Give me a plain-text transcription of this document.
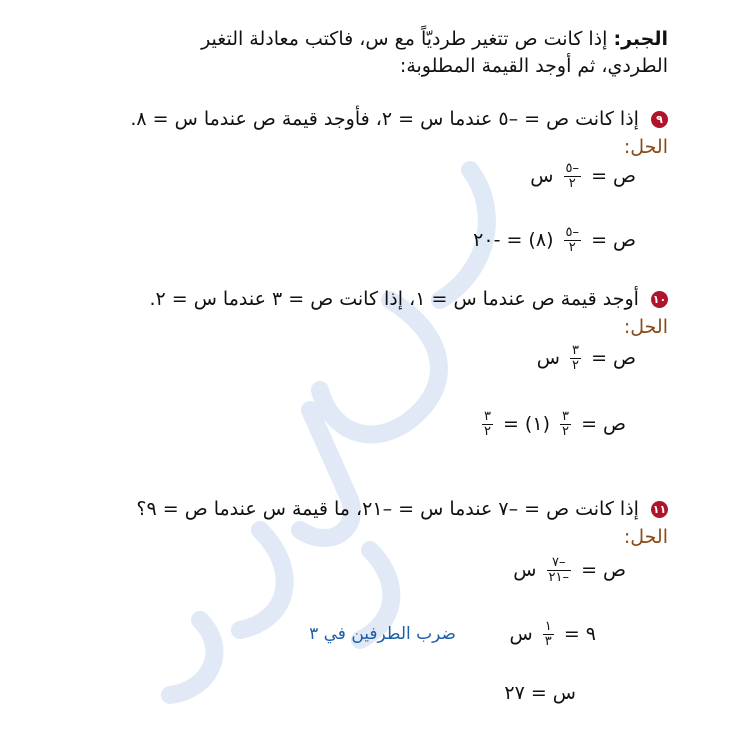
الجبر: إذا كانت ص تتغير طرديّاً مع س، فاكتب معادلة التغير
الطردي، ثم أوجد القيمة المطلوبة:
٩ إذا كانت ص = –٥ عندما س = ٢، فأوجد قيمة ص عندما س = ٨.
الحل:
ص =
$\frac{-٥}{٢}$
س
ص =
$\frac{-٥}{٢}$
(٨) = -٢٠
١٠ أوجد قيمة ص عندما س = ١، إذا كانت ص = ٣ عندما س = ٢.
الحل:
ص =
$\frac{٣}{٢}$
س
ص =
$\frac{٣}{٢}$
(١) =
$\frac{٣}{٢}$
١١ إذا كانت ص = –٧ عندما س = –٢١، ما قيمة س عندما ص = ٩؟
الحل:
ص =
$\frac{-٧}{-٢١}$
س
٩ =
$\frac{١}{٣}$
س
ضرب الطرفين في ٣
س = ٢٧
